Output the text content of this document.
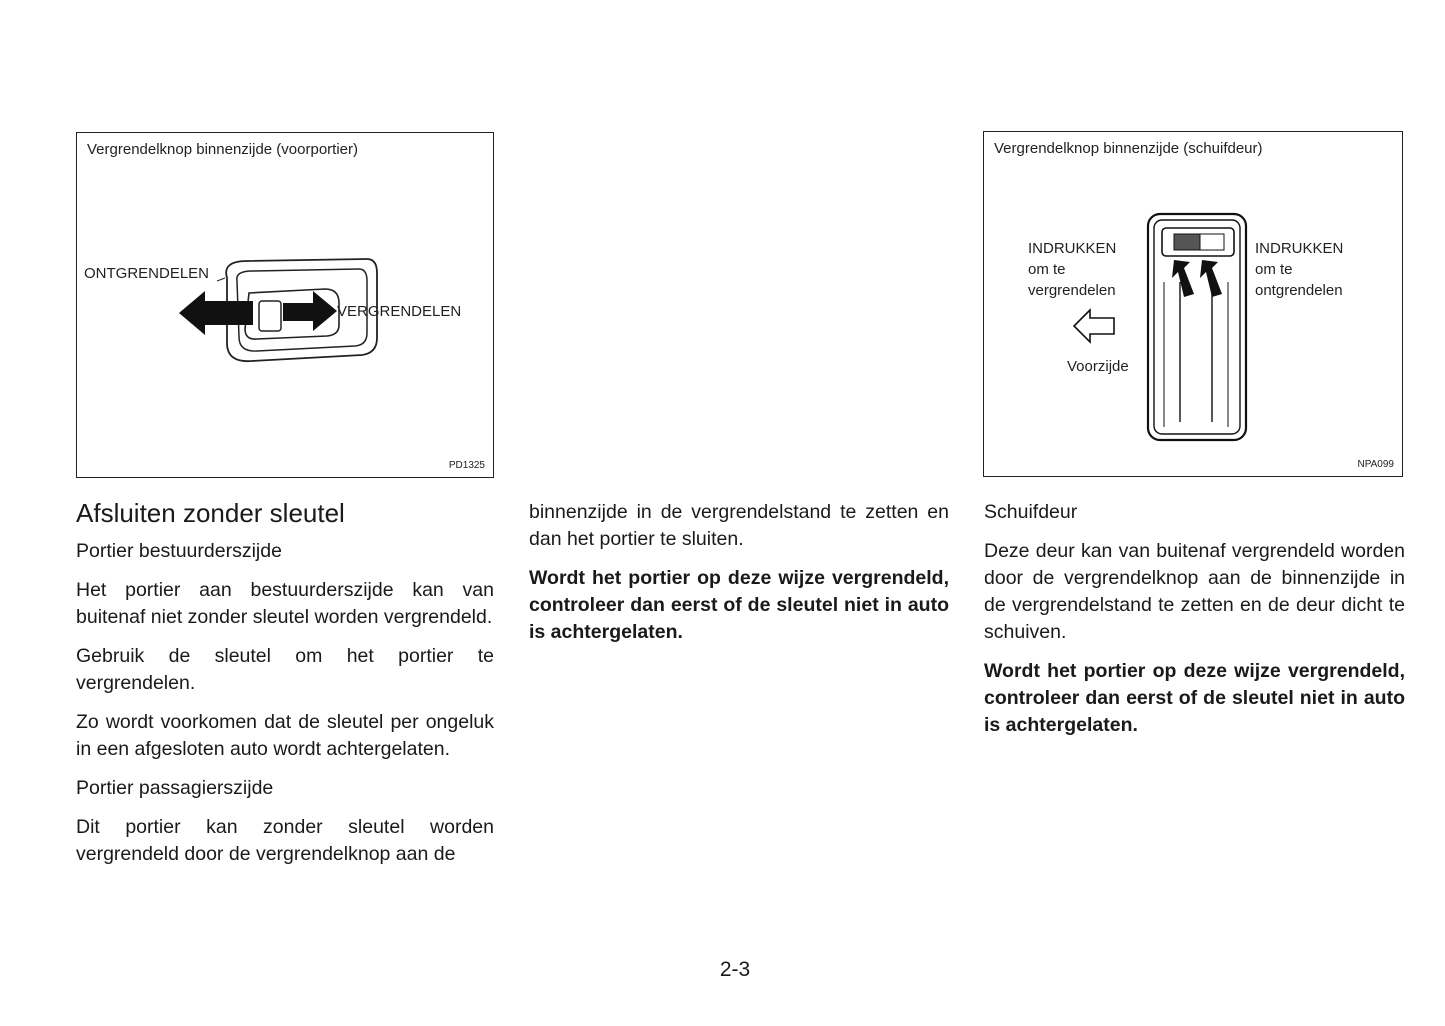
Vergrendelknop binnenzijde (voorportier)
ONTGRENDELEN
VERGRENDELEN
PD1325
Vergrendelknop binnenzijde (schuifdeur)
INDRUKKEN
om te
vergrendelen
INDRUKKEN
om te
ontgrendelen
Voorzijde
NPA099
Afsluiten zonder sleutel

Portier bestuurderszijde

Het portier aan bestuurderszijde kan van buitenaf niet zonder sleutel worden vergrendeld.

Gebruik de sleutel om het portier te vergrendelen.

Zo wordt voorkomen dat de sleutel per ongeluk in een afgesloten auto wordt achtergelaten.

Portier passagierszijde

Dit portier kan zonder sleutel worden vergrendeld door de vergrendelknop aan de

binnenzijde in de vergrendelstand te zetten en dan het portier te sluiten.

Wordt het portier op deze wijze vergrendeld, controleer dan eerst of de sleutel niet in auto is achtergelaten.

Schuifdeur

Deze deur kan van buitenaf vergrendeld worden door de vergrendelknop aan de binnenzijde in de vergrendelstand te zetten en de deur dicht te schuiven.

Wordt het portier op deze wijze vergrendeld, controleer dan eerst of de sleutel niet in auto is achtergelaten.

2-3
